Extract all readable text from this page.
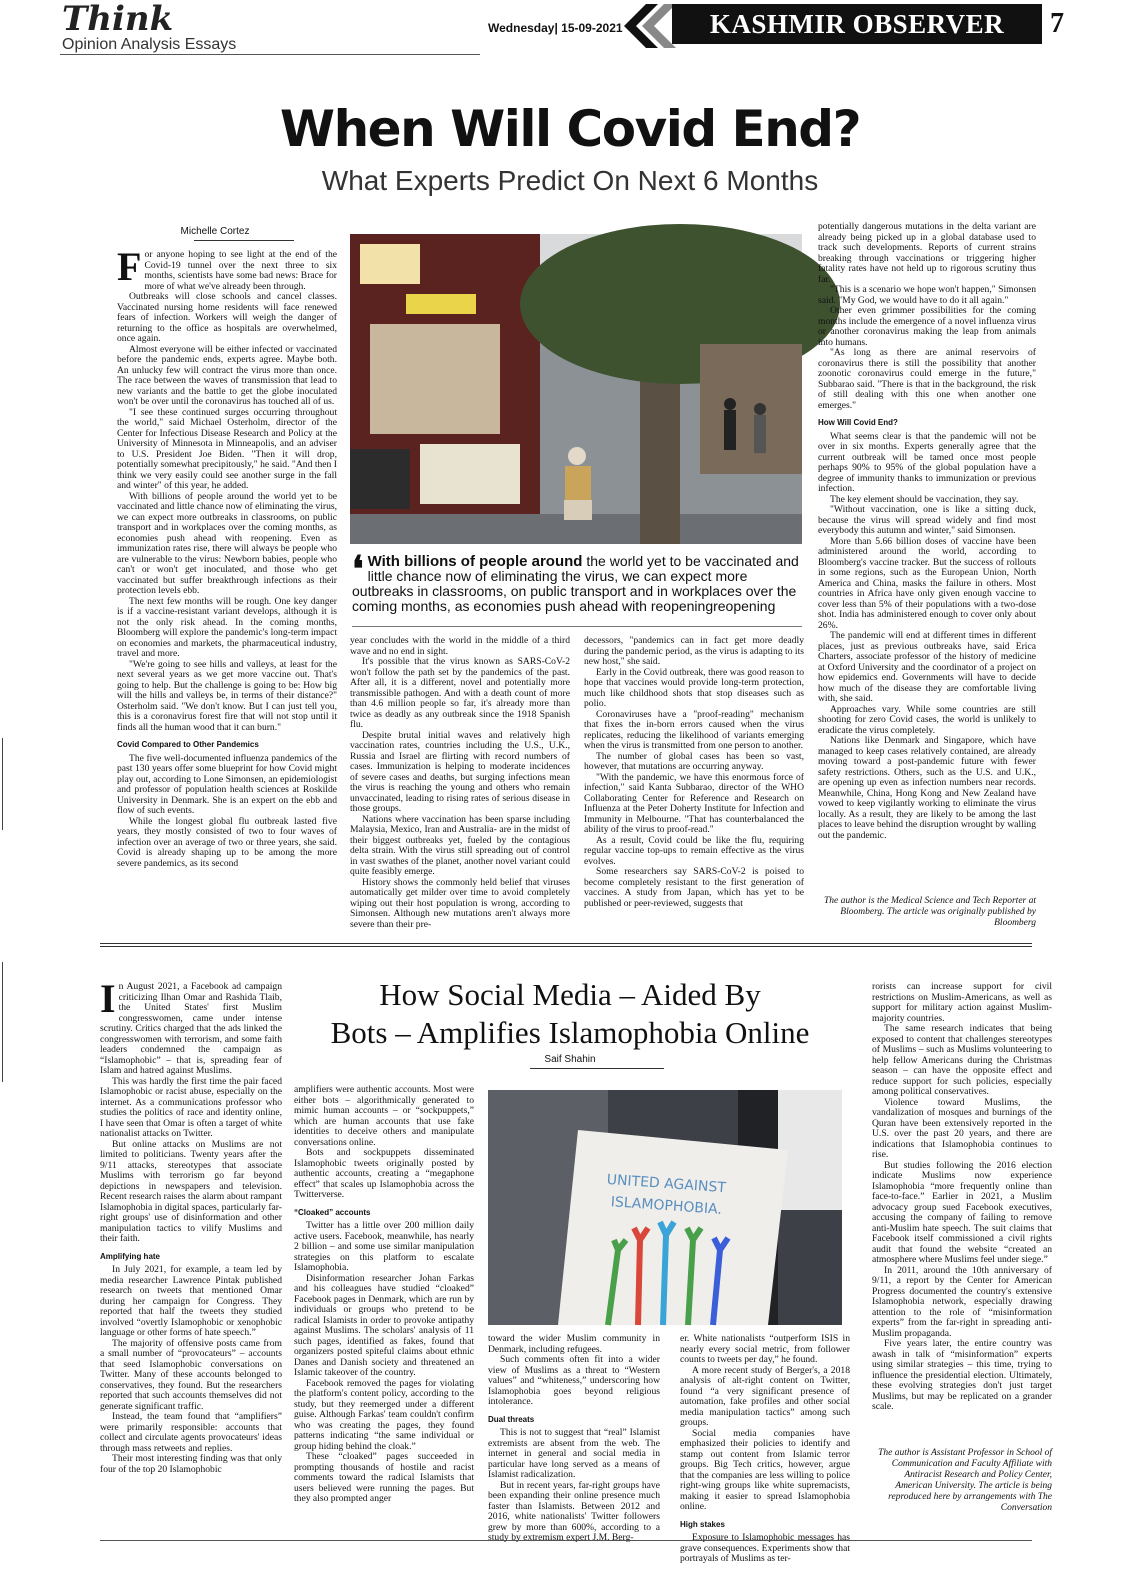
Think
Opinion Analysis Essays
Wednesday| 15-09-2021	KASHMIR OBSERVER	7
When Will Covid End?
What Experts Predict On Next 6 Months
Michelle Cortez

For anyone hoping to see light at the end of the Covid-19 tunnel over the next three to six months, scientists have some bad news: Brace for more of what we've already been through.

Outbreaks will close schools and cancel classes. Vaccinated nursing home residents will face renewed fears of infection. Workers will weigh the danger of returning to the office as hospitals are overwhelmed, once again.

Almost everyone will be either infected or vaccinated before the pandemic ends, experts agree. Maybe both. An unlucky few will contract the virus more than once. The race between the waves of transmission that lead to new variants and the battle to get the globe inoculated won't be over until the coronavirus has touched all of us.

"I see these continued surges occurring throughout the world," said Michael Osterholm, director of the Center for Infectious Disease Research and Policy at the University of Minnesota in Minneapolis, and an adviser to U.S. President Joe Biden. "Then it will drop, potentially somewhat precipitously," he said. "And then I think we very easily could see another surge in the fall and winter" of this year, he added.

With billions of people around the world yet to be vaccinated and little chance now of eliminating the virus, we can expect more outbreaks in classrooms, on public transport and in workplaces over the coming months, as economies push ahead with reopening. Even as immunization rates rise, there will always be people who are vulnerable to the virus: Newborn babies, people who can't or won't get inoculated, and those who get vaccinated but suffer breakthrough infections as their protection levels ebb.

The next few months will be rough. One key danger is if a vaccine-resistant variant develops, although it is not the only risk ahead. In the coming months, Bloomberg will explore the pandemic's long-term impact on economies and markets, the pharmaceutical industry, travel and more.

"We're going to see hills and valleys, at least for the next several years as we get more vaccine out. That's going to help. But the challenge is going to be: How big will the hills and valleys be, in terms of their distance?" Osterholm said. "We don't know. But I can just tell you, this is a coronavirus forest fire that will not stop until it finds all the human wood that it can burn."

Covid Compared to Other Pandemics

The five well-documented influenza pandemics of the past 130 years offer some blueprint for how Covid might play out, according to Lone Simonsen, an epidemiologist and professor of population health sciences at Roskilde University in Denmark. She is an expert on the ebb and flow of such events.

While the longest global flu outbreak lasted five years, they mostly consisted of two to four waves of infection over an average of two or three years, she said. Covid is already shaping up to be among the more severe pandemics, as its second

❛ With billions of people around the world yet to be vaccinated and little chance now of eliminating the virus, we can expect more outbreaks in classrooms, on public transport and in workplaces over the coming months, as economies push ahead with reopeningreopening

year concludes with the world in the middle of a third wave and no end in sight.

It's possible that the virus known as SARS-CoV-2 won't follow the path set by the pandemics of the past. After all, it is a different, novel and potentially more transmissible pathogen. And with a death count of more than 4.6 million people so far, it's already more than twice as deadly as any outbreak since the 1918 Spanish flu.

Despite brutal initial waves and relatively high vaccination rates, countries including the U.S., U.K., Russia and Israel are flirting with record numbers of cases. Immunization is helping to moderate incidences of severe cases and deaths, but surging infections mean the virus is reaching the young and others who remain unvaccinated, leading to rising rates of serious disease in those groups.

Nations where vaccination has been sparse including Malaysia, Mexico, Iran and Australia- are in the midst of their biggest outbreaks yet, fueled by the contagious delta strain. With the virus still spreading out of control in vast swathes of the planet, another novel variant could quite feasibly emerge.

History shows the commonly held belief that viruses automatically get milder over time to avoid completely wiping out their host population is wrong, according to Simonsen. Although new mutations aren't always more severe than their pre-

decessors, "pandemics can in fact get more deadly during the pandemic period, as the virus is adapting to its new host," she said.

Early in the Covid outbreak, there was good reason to hope that vaccines would provide long-term protection, much like childhood shots that stop diseases such as polio.

Coronaviruses have a "proof-reading" mechanism that fixes the in-born errors caused when the virus replicates, reducing the likelihood of variants emerging when the virus is transmitted from one person to another.

The number of global cases has been so vast, however, that mutations are occurring anyway.

"With the pandemic, we have this enormous force of infection," said Kanta Subbarao, director of the WHO Collaborating Center for Reference and Research on Influenza at the Peter Doherty Institute for Infection and Immunity in Melbourne. "That has counterbalanced the ability of the virus to proof-read."

As a result, Covid could be like the flu, requiring regular vaccine top-ups to remain effective as the virus evolves.

Some researchers say SARS-CoV-2 is poised to become completely resistant to the first generation of vaccines. A study from Japan, which has yet to be published or peer-reviewed, suggests that

potentially dangerous mutations in the delta variant are already being picked up in a global database used to track such developments. Reports of current strains breaking through vaccinations or triggering higher fatality rates have not held up to rigorous scrutiny thus far.

"This is a scenario we hope won't happen," Simonsen said. "My God, we would have to do it all again."

Other even grimmer possibilities for the coming months include the emergence of a novel influenza virus or another coronavirus making the leap from animals into humans.

"As long as there are animal reservoirs of coronavirus there is still the possibility that another zoonotic coronavirus could emerge in the future," Subbarao said. "There is that in the background, the risk of still dealing with this one when another one emerges."

How Will Covid End?

What seems clear is that the pandemic will not be over in six months. Experts generally agree that the current outbreak will be tamed once most people perhaps 90% to 95% of the global population have a degree of immunity thanks to immunization or previous infection.

The key element should be vaccination, they say.

"Without vaccination, one is like a sitting duck, because the virus will spread widely and find most everybody this autumn and winter," said Simonsen.

More than 5.66 billion doses of vaccine have been administered around the world, according to Bloomberg's vaccine tracker. But the success of rollouts in some regions, such as the European Union, North America and China, masks the failure in others. Most countries in Africa have only given enough vaccine to cover less than 5% of their populations with a two-dose shot. India has administered enough to cover only about 26%.

The pandemic will end at different times in different places, just as previous outbreaks have, said Erica Charters, associate professor of the history of medicine at Oxford University and the coordinator of a project on how epidemics end. Governments will have to decide how much of the disease they are comfortable living with, she said.

Approaches vary. While some countries are still shooting for zero Covid cases, the world is unlikely to eradicate the virus completely.

Nations like Denmark and Singapore, which have managed to keep cases relatively contained, are already moving toward a post-pandemic future with fewer safety restrictions. Others, such as the U.S. and U.K., are opening up even as infection numbers near records. Meanwhile, China, Hong Kong and New Zealand have vowed to keep vigilantly working to eliminate the virus locally. As a result, they are likely to be among the last places to leave behind the disruption wrought by walling out the pandemic.

The author is the Medical Science and Tech Reporter at Bloomberg. The article was originally published by Bloomberg
How Social Media – Aided By
Bots – Amplifies Islamophobia Online
Saif Shahin

In August 2021, a Facebook ad campaign criticizing Ilhan Omar and Rashida Tlaib, the United States' first Muslim congresswomen, came under intense scrutiny. Critics charged that the ads linked the congresswomen with terrorism, and some faith leaders condemned the campaign as “Islamophobic” – that is, spreading fear of Islam and hatred against Muslims.

This was hardly the first time the pair faced Islamophobic or racist abuse, especially on the internet. As a communications professor who studies the politics of race and identity online, I have seen that Omar is often a target of white nationalist attacks on Twitter.

But online attacks on Muslims are not limited to politicians. Twenty years after the 9/11 attacks, stereotypes that associate Muslims with terrorism go far beyond depictions in newspapers and television. Recent research raises the alarm about rampant Islamophobia in digital spaces, particularly far-right groups' use of disinformation and other manipulation tactics to vilify Muslims and their faith.

Amplifying hate

In July 2021, for example, a team led by media researcher Lawrence Pintak published research on tweets that mentioned Omar during her campaign for Congress. They reported that half the tweets they studied involved “overtly Islamophobic or xenophobic language or other forms of hate speech.”

The majority of offensive posts came from a small number of “provocateurs” – accounts that seed Islamophobic conversations on Twitter. Many of these accounts belonged to conservatives, they found. But the researchers reported that such accounts themselves did not generate significant traffic.

Instead, the team found that “amplifiers” were primarily responsible: accounts that collect and circulate agents provocateurs' ideas through mass retweets and replies.

Their most interesting finding was that only four of the top 20 Islamophobic

amplifiers were authentic accounts. Most were either bots – algorithmically generated to mimic human accounts – or “sockpuppets,” which are human accounts that use fake identities to deceive others and manipulate conversations online.

Bots and sockpuppets disseminated Islamophobic tweets originally posted by authentic accounts, creating a “megaphone effect” that scales up Islamophobia across the Twitterverse.

“Cloaked” accounts

Twitter has a little over 200 million daily active users. Facebook, meanwhile, has nearly 2 billion – and some use similar manipulation strategies on this platform to escalate Islamophobia.

Disinformation researcher Johan Farkas and his colleagues have studied “cloaked” Facebook pages in Denmark, which are run by individuals or groups who pretend to be radical Islamists in order to provoke antipathy against Muslims. The scholars' analysis of 11 such pages, identified as fakes, found that organizers posted spiteful claims about ethnic Danes and Danish society and threatened an Islamic takeover of the country.

Facebook removed the pages for violating the platform's content policy, according to the study, but they reemerged under a different guise. Although Farkas' team couldn't confirm who was creating the pages, they found patterns indicating “the same individual or group hiding behind the cloak.”

These “cloaked” pages succeeded in prompting thousands of hostile and racist comments toward the radical Islamists that users believed were running the pages. But they also prompted anger

UNITED AGAINST
ISLAMOPHOBIA.

toward the wider Muslim community in Denmark, including refugees.

Such comments often fit into a wider view of Muslims as a threat to “Western values” and “whiteness,” underscoring how Islamophobia goes beyond religious intolerance.

Dual threats

This is not to suggest that “real” Islamist extremists are absent from the web. The internet in general and social media in particular have long served as a means of Islamist radicalization.

But in recent years, far-right groups have been expanding their online presence much faster than Islamists. Between 2012 and 2016, white nationalists' Twitter followers grew by more than 600%, according to a study by extremism expert J.M. Berg-

er. White nationalists “outperform ISIS in nearly every social metric, from follower counts to tweets per day,” he found.

A more recent study of Berger's, a 2018 analysis of alt-right content on Twitter, found “a very significant presence of automation, fake profiles and other social media manipulation tactics” among such groups.

Social media companies have emphasized their policies to identify and stamp out content from Islamic terror groups. Big Tech critics, however, argue that the companies are less willing to police right-wing groups like white supremacists, making it easier to spread Islamophobia online.

High stakes

Exposure to Islamophobic messages has grave consequences. Experiments show that portrayals of Muslims as ter-

rorists can increase support for civil restrictions on Muslim-Americans, as well as support for military action against Muslim-majority countries.

The same research indicates that being exposed to content that challenges stereotypes of Muslims – such as Muslims volunteering to help fellow Americans during the Christmas season – can have the opposite effect and reduce support for such policies, especially among political conservatives.

Violence toward Muslims, the vandalization of mosques and burnings of the Quran have been extensively reported in the U.S. over the past 20 years, and there are indications that Islamophobia continues to rise.

But studies following the 2016 election indicate Muslims now experience Islamophobia “more frequently online than face-to-face.” Earlier in 2021, a Muslim advocacy group sued Facebook executives, accusing the company of failing to remove anti-Muslim hate speech. The suit claims that Facebook itself commissioned a civil rights audit that found the website “created an atmosphere where Muslims feel under siege.”

In 2011, around the 10th anniversary of 9/11, a report by the Center for American Progress documented the country's extensive Islamophobia network, especially drawing attention to the role of “misinformation experts” from the far-right in spreading anti-Muslim propaganda.

Five years later, the entire country was awash in talk of “misinformation” experts using similar strategies – this time, trying to influence the presidential election. Ultimately, these evolving strategies don't just target Muslims, but may be replicated on a grander scale.

The author is Assistant Professor in School of Communication and Faculty Affiliate with Antiracist Research and Policy Center, American University. The article is being reproduced here by arrangements with The Conversation
